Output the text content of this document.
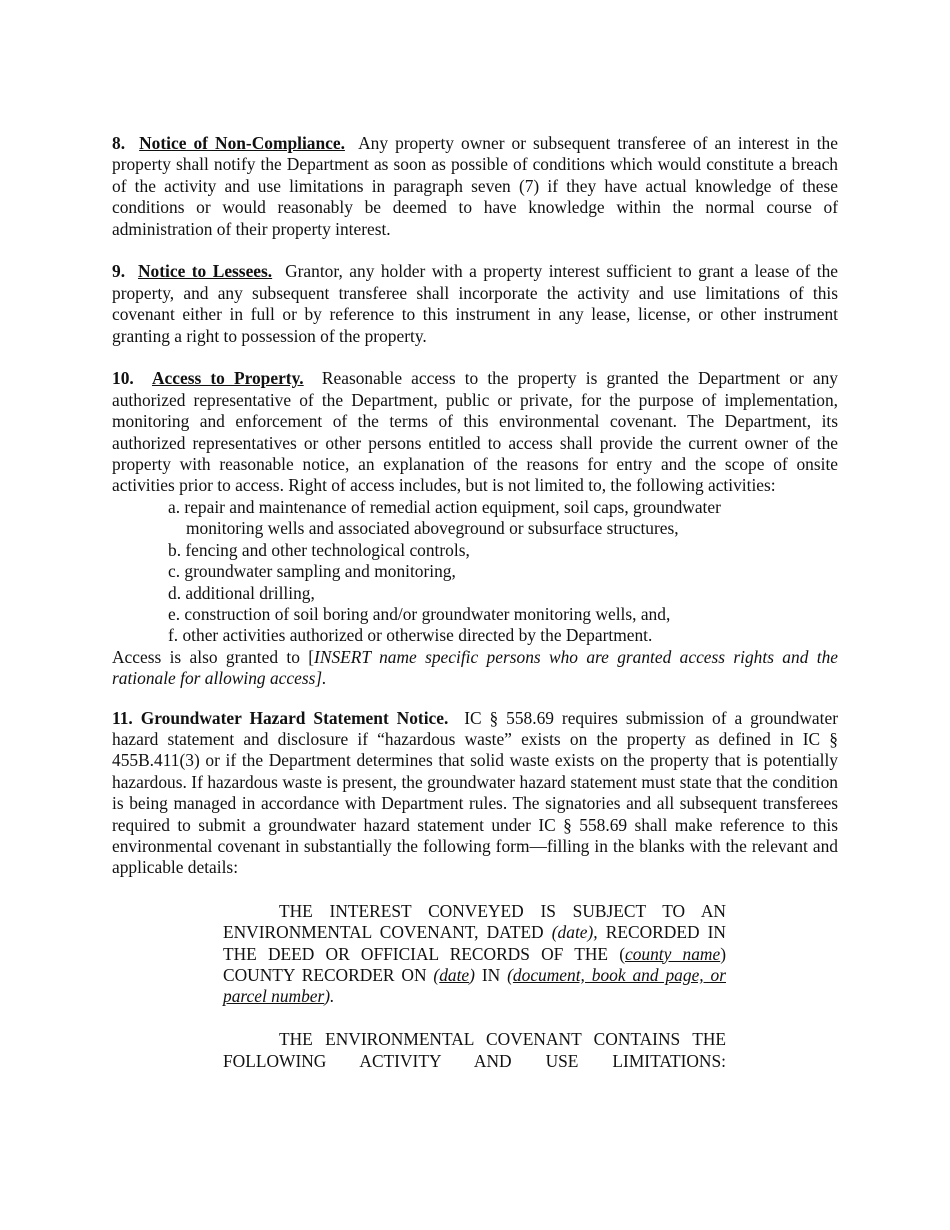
8. Notice of Non-Compliance. Any property owner or subsequent transferee of an interest in the property shall notify the Department as soon as possible of conditions which would constitute a breach of the activity and use limitations in paragraph seven (7) if they have actual knowledge of these conditions or would reasonably be deemed to have knowledge within the normal course of administration of their property interest.

9. Notice to Lessees. Grantor, any holder with a property interest sufficient to grant a lease of the property, and any subsequent transferee shall incorporate the activity and use limitations of this covenant either in full or by reference to this instrument in any lease, license, or other instrument granting a right to possession of the property.

10. Access to Property. Reasonable access to the property is granted the Department or any authorized representative of the Department, public or private, for the purpose of implementation, monitoring and enforcement of the terms of this environmental covenant. The Department, its authorized representatives or other persons entitled to access shall provide the current owner of the property with reasonable notice, an explanation of the reasons for entry and the scope of onsite activities prior to access. Right of access includes, but is not limited to, the following activities:

a. repair and maintenance of remedial action equipment, soil caps, groundwater monitoring wells and associated aboveground or subsurface structures,
b. fencing and other technological controls,
c. groundwater sampling and monitoring,
d. additional drilling,
e. construction of soil boring and/or groundwater monitoring wells, and,
f. other activities authorized or otherwise directed by the Department.

Access is also granted to [INSERT name specific persons who are granted access rights and the rationale for allowing access].

11. Groundwater Hazard Statement Notice. IC § 558.69 requires submission of a groundwater hazard statement and disclosure if “hazardous waste” exists on the property as defined in IC § 455B.411(3) or if the Department determines that solid waste exists on the property that is potentially hazardous. If hazardous waste is present, the groundwater hazard statement must state that the condition is being managed in accordance with Department rules. The signatories and all subsequent transferees required to submit a groundwater hazard statement under IC § 558.69 shall make reference to this environmental covenant in substantially the following form—filling in the blanks with the relevant and applicable details:

THE INTEREST CONVEYED IS SUBJECT TO AN ENVIRONMENTAL COVENANT, DATED (date), RECORDED IN THE DEED OR OFFICIAL RECORDS OF THE (county name) COUNTY RECORDER ON (date) IN (document, book and page, or parcel number).

THE ENVIRONMENTAL COVENANT CONTAINS THE FOLLOWING ACTIVITY AND USE LIMITATIONS:
